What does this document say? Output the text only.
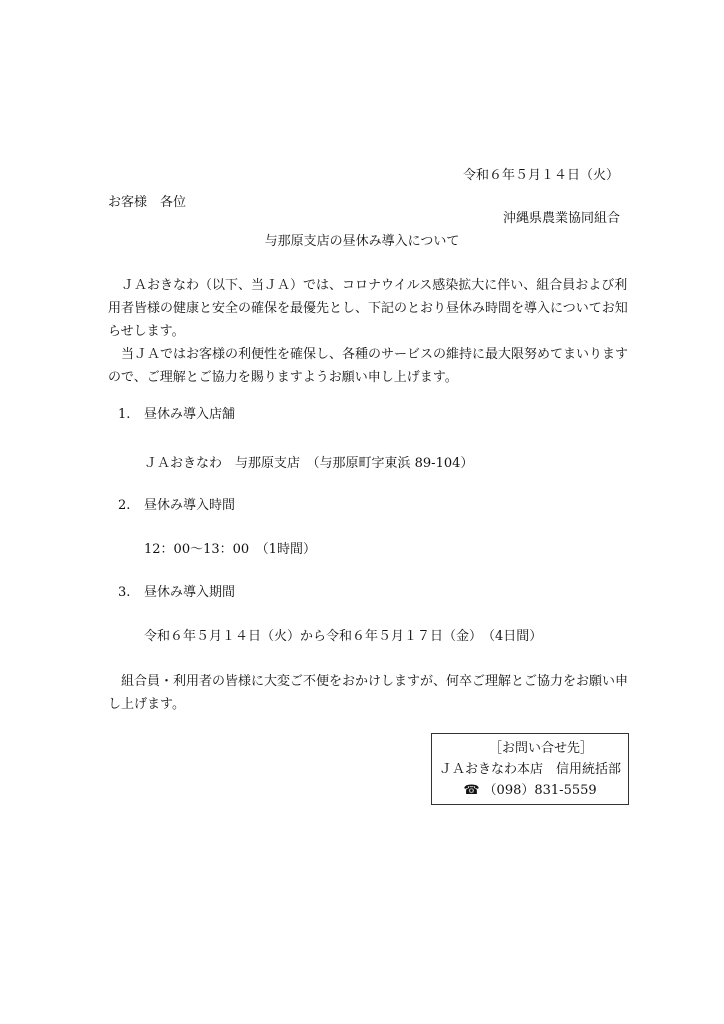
令和６年５月１４日（火）
お客様　各位
沖縄県農業協同組合
与那原支店の昼休み導入について
ＪＡおきなわ（以下、当ＪＡ）では、コロナウイルス感染拡大に伴い、組合員および利
用者皆様の健康と安全の確保を最優先とし、下記のとおり昼休み時間を導入についてお知
らせします。
当ＪＡではお客様の利便性を確保し、各種のサービスの維持に最大限努めてまいります
ので、ご理解とご協力を賜りますようお願い申し上げます。
1. 昼休み導入店舗
ＪＡおきなわ　与那原支店　（与那原町字東浜 89-104）
2. 昼休み導入時間
12：00～13：00　（1時間）
3. 昼休み導入期間
令和６年５月１４日（火）から令和６年５月１７日（金）　（4日間）
組合員・利用者の皆様に大変ご不便をおかけしますが、何卒ご理解とご協力をお願い申
し上げます。
［お問い合せ先］
ＪＡおきなわ本店　信用統括部
☎ （098）831-5559
